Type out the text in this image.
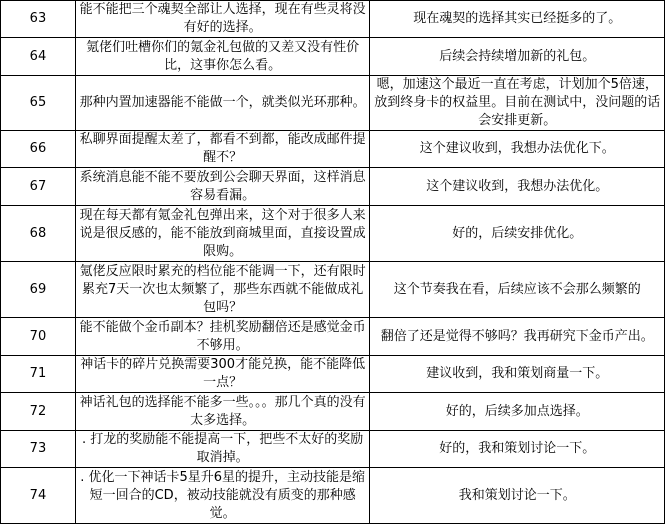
63	能不能把三个魂契全部让人选择，现在有些灵将没有好的选择。	现在魂契的选择其实已经挺多的了。
64	氪佬们吐槽你们的氪金礼包做的又差又没有性价比，这事你怎么看。	后续会持续增加新的礼包。
65	那种内置加速器能不能做一个，就类似光环那种。	嗯，加速这个最近一直在考虑，计划加个5倍速，放到终身卡的权益里。目前在测试中，没问题的话会安排更新。
66	私聊界面提醒太差了，都看不到都，能改成邮件提醒不？	这个建议收到，我想办法优化下。
67	系统消息能不能不要放到公会聊天界面，这样消息容易看漏。	这个建议收到，我想办法优化。
68	现在每天都有氪金礼包弹出来，这个对于很多人来说是很反感的，能不能放到商城里面，直接设置成限购。	好的，后续安排优化。
69	氪佬反应限时累充的档位能不能调一下，还有限时累充7天一次也太频繁了，那些东西就不能做成礼包吗？	这个节奏我在看，后续应该不会那么频繁的
70	能不能做个金币副本？挂机奖励翻倍还是感觉金币不够用。	翻倍了还是觉得不够吗？我再研究下金币产出。
71	神话卡的碎片兑换需要300才能兑换，能不能降低一点？	建议收到，我和策划商量一下。
72	神话礼包的选择能不能多一些。。。那几个真的没有太多选择。	好的，后续多加点选择。
73	. 打龙的奖励能不能提高一下，把些不太好的奖励取消掉。	好的，我和策划讨论一下。
74	. 优化一下神话卡5星升6星的提升，主动技能是缩短一回合的CD，被动技能就没有质变的那种感觉。	我和策划讨论一下。
